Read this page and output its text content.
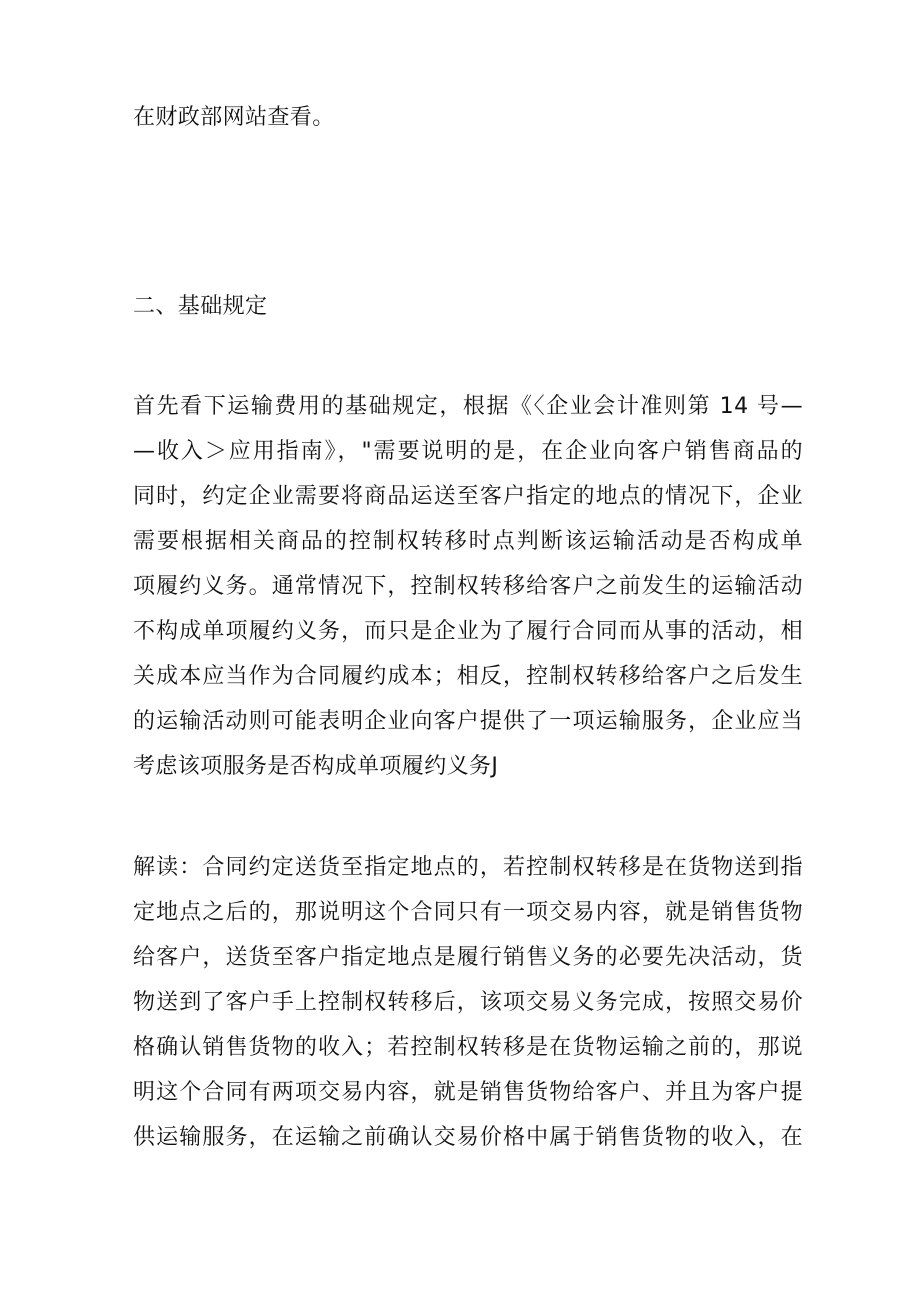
在财政部网站查看。
二、基础规定
首先看下运输费用的基础规定，根据《〈企业会计准则第 14 号—
—收入＞应用指南》，"需要说明的是，在企业向客户销售商品的
同时，约定企业需要将商品运送至客户指定的地点的情况下，企业
需要根据相关商品的控制权转移时点判断该运输活动是否构成单
项履约义务。通常情况下，控制权转移给客户之前发生的运输活动
不构成单项履约义务，而只是企业为了履行合同而从事的活动，相
关成本应当作为合同履约成本；相反，控制权转移给客户之后发生
的运输活动则可能表明企业向客户提供了一项运输服务，企业应当
考虑该项服务是否构成单项履约义务J
解读：合同约定送货至指定地点的，若控制权转移是在货物送到指
定地点之后的，那说明这个合同只有一项交易内容，就是销售货物
给客户，送货至客户指定地点是履行销售义务的必要先决活动，货
物送到了客户手上控制权转移后，该项交易义务完成，按照交易价
格确认销售货物的收入；若控制权转移是在货物运输之前的，那说
明这个合同有两项交易内容，就是销售货物给客户、并且为客户提
供运输服务，在运输之前确认交易价格中属于销售货物的收入，在
